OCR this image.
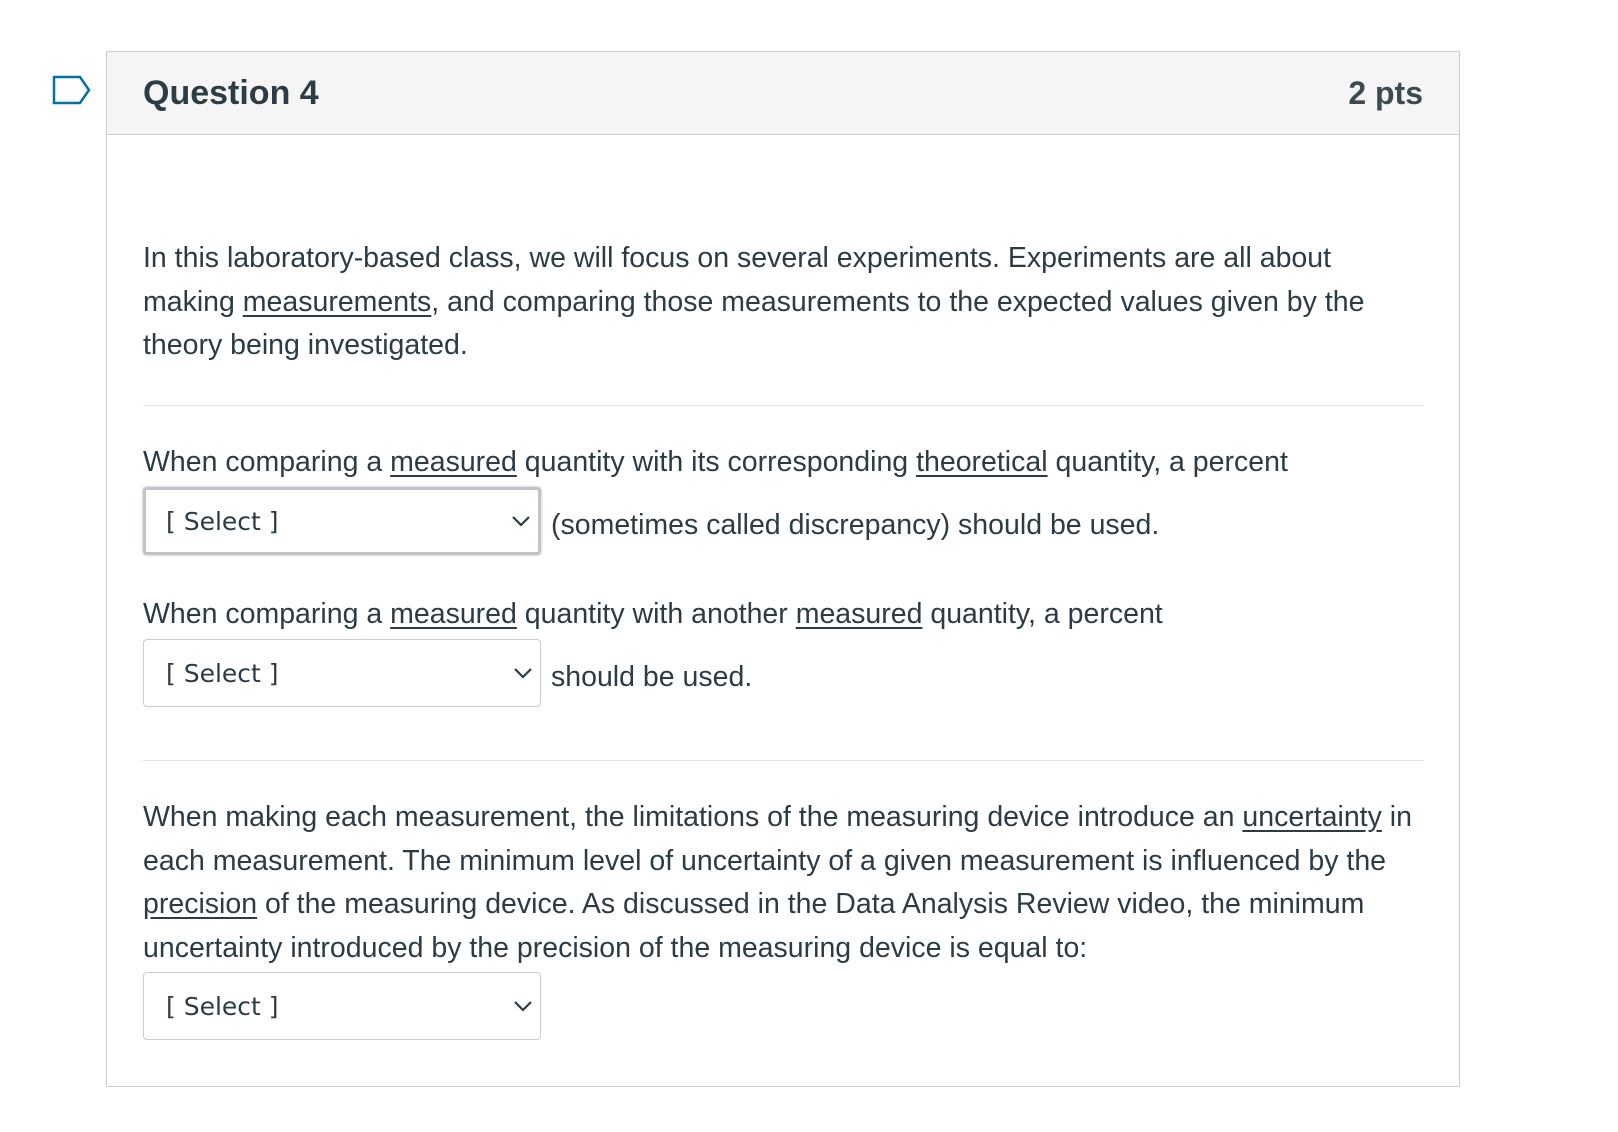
Question 4	2 pts

In this laboratory-based class, we will focus on several experiments. Experiments are all about making measurements, and comparing those measurements to the expected values given by the theory being investigated.

When comparing a measured quantity with its corresponding theoretical quantity, a percent

[ Select ]	(sometimes called discrepancy) should be used.

When comparing a measured quantity with another measured quantity, a percent

[ Select ]	should be used.

When making each measurement, the limitations of the measuring device introduce an uncertainty in each measurement. The minimum level of uncertainty of a given measurement is influenced by the precision of the measuring device. As discussed in the Data Analysis Review video, the minimum uncertainty introduced by the precision of the measuring device is equal to:

[ Select ]
